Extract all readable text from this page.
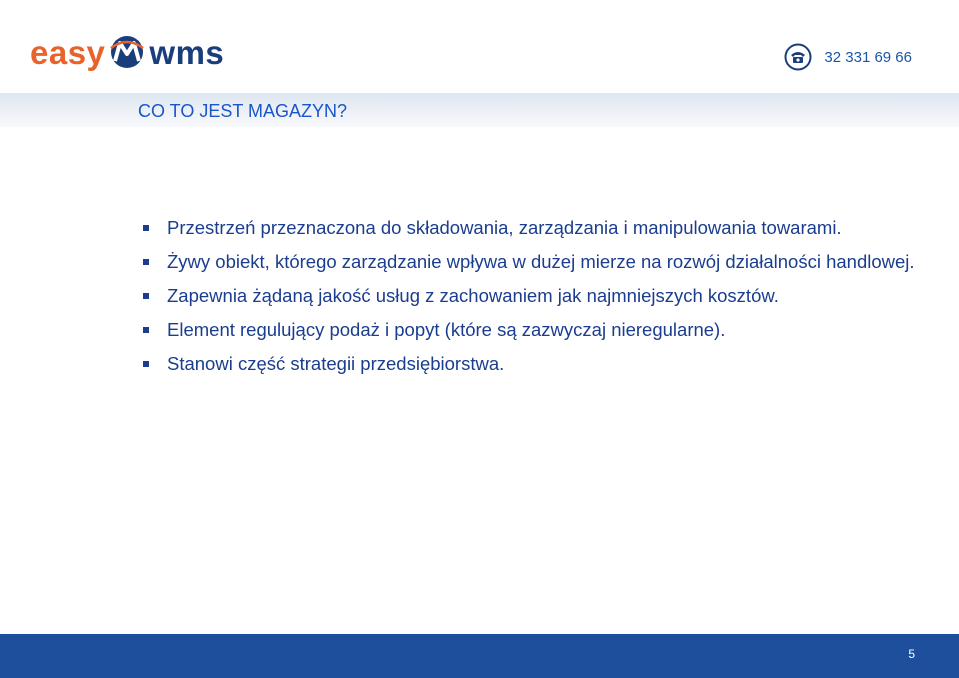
easy wms	32 331 69 66
CO TO JEST MAGAZYN?
Przestrzeń przeznaczona do składowania, zarządzania i manipulowania towarami.
Żywy obiekt, którego zarządzanie wpływa w dużej mierze na rozwój działalności handlowej.
Zapewnia żądaną jakość usług z zachowaniem jak najmniejszych kosztów.
Element regulujący podaż i popyt (które są zazwyczaj nieregularne).
Stanowi część strategii przedsiębiorstwa.
5
